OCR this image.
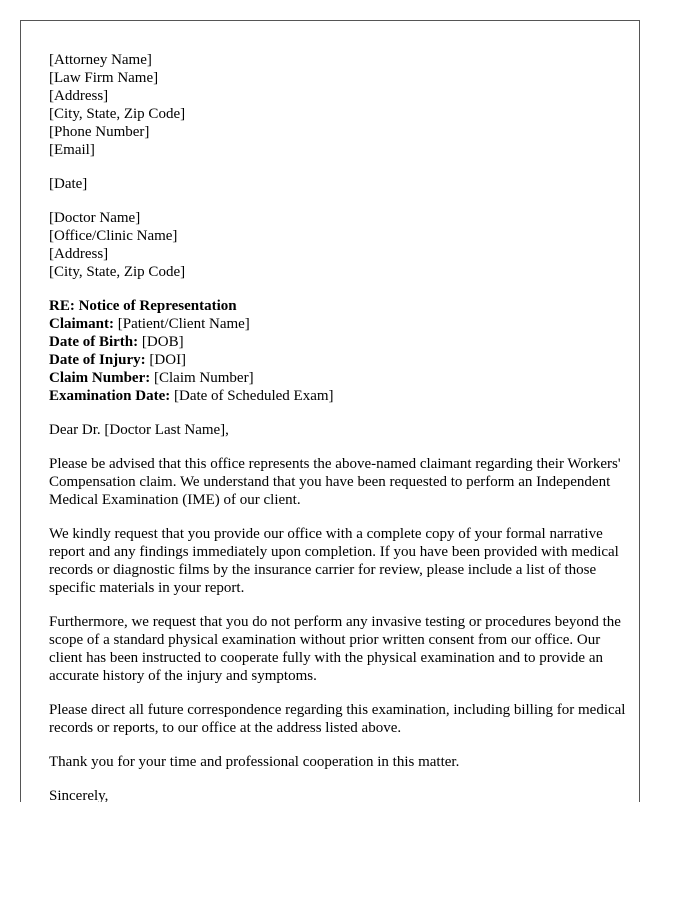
[Attorney Name]
[Law Firm Name]
[Address]
[City, State, Zip Code]
[Phone Number]
[Email]
[Date]
[Doctor Name]
[Office/Clinic Name]
[Address]
[City, State, Zip Code]
RE: Notice of Representation
Claimant: [Patient/Client Name]
Date of Birth: [DOB]
Date of Injury: [DOI]
Claim Number: [Claim Number]
Examination Date: [Date of Scheduled Exam]

Dear Dr. [Doctor Last Name],

Please be advised that this office represents the above-named claimant regarding their Workers' Compensation claim. We understand that you have been requested to perform an Independent Medical Examination (IME) of our client.

We kindly request that you provide our office with a complete copy of your formal narrative report and any findings immediately upon completion. If you have been provided with medical records or diagnostic films by the insurance carrier for review, please include a list of those specific materials in your report.

Furthermore, we request that you do not perform any invasive testing or procedures beyond the scope of a standard physical examination without prior written consent from our office. Our client has been instructed to cooperate fully with the physical examination and to provide an accurate history of the injury and symptoms.

Please direct all future correspondence regarding this examination, including billing for medical records or reports, to our office at the address listed above.

Thank you for your time and professional cooperation in this matter.

Sincerely,
